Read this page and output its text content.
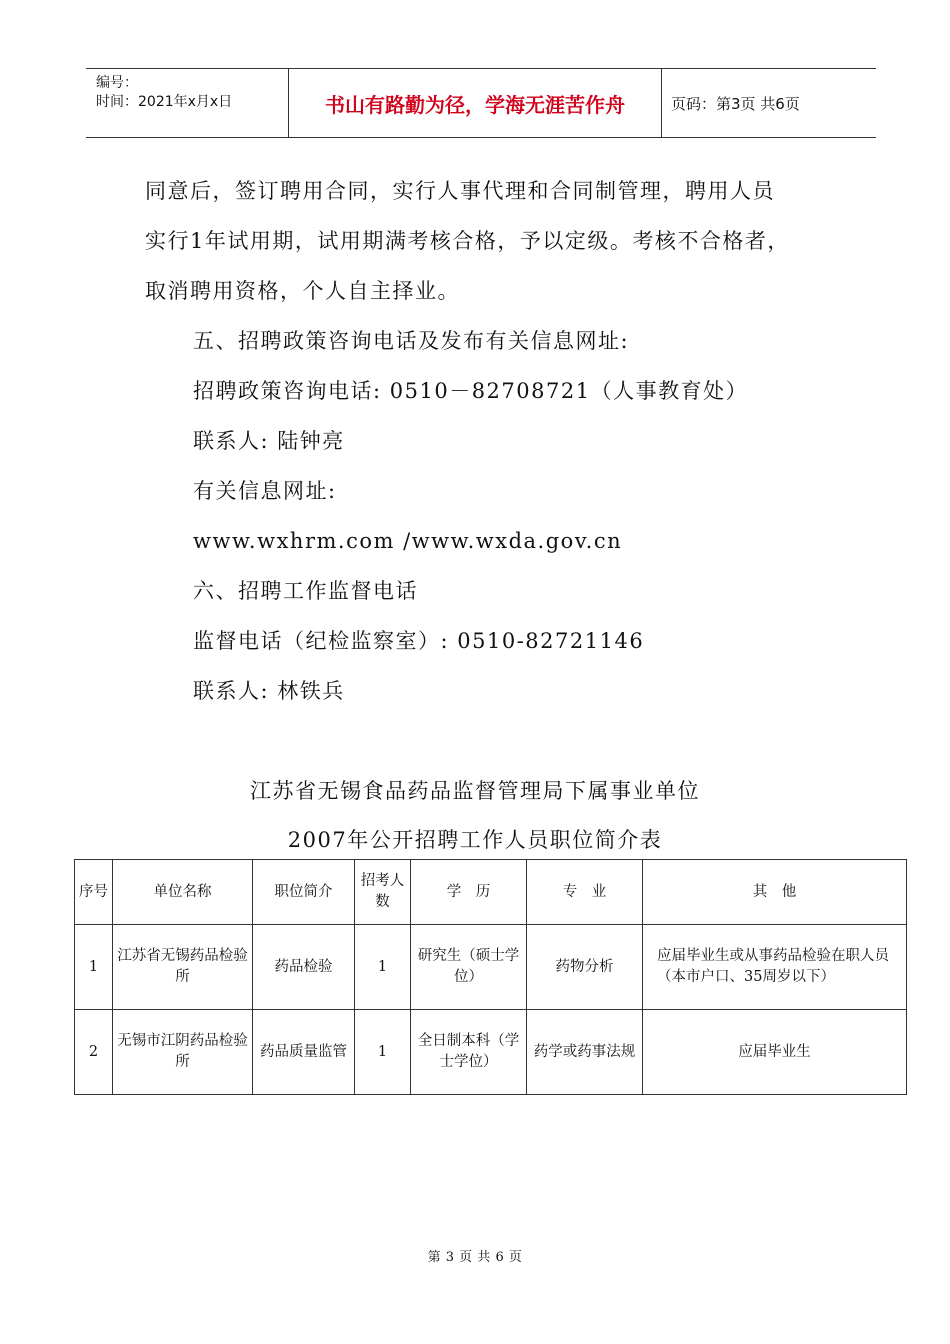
编号：
时间：2021年x月x日	书山有路勤为径，学海无涯苦作舟	页码：第3页 共6页
同意后，签订聘用合同，实行人事代理和合同制管理，聘用人员
实行1年试用期，试用期满考核合格，予以定级。考核不合格者，
取消聘用资格，个人自主择业。
五、招聘政策咨询电话及发布有关信息网址:
招聘政策咨询电话: 0510－82708721（人事教育处）
联系人: 陆钟亮
有关信息网址:
www.wxhrm.com /www.wxda.gov.cn
六、招聘工作监督电话
监督电话（纪检监察室）: 0510-82721146
联系人: 林铁兵
江苏省无锡食品药品监督管理局下属事业单位
2007年公开招聘工作人员职位简介表
序号	单位名称	职位简介	招考人数	学　历	专　业	其　他
1	江苏省无锡药品检验所	药品检验	1	研究生（硕士学位）	药物分析	应届毕业生或从事药品检验在职人员（本市户口、35周岁以下）
2	无锡市江阴药品检验所	药品质量监管	1	全日制本科（学士学位）	药学或药事法规	应届毕业生
第 3 页 共 6 页
